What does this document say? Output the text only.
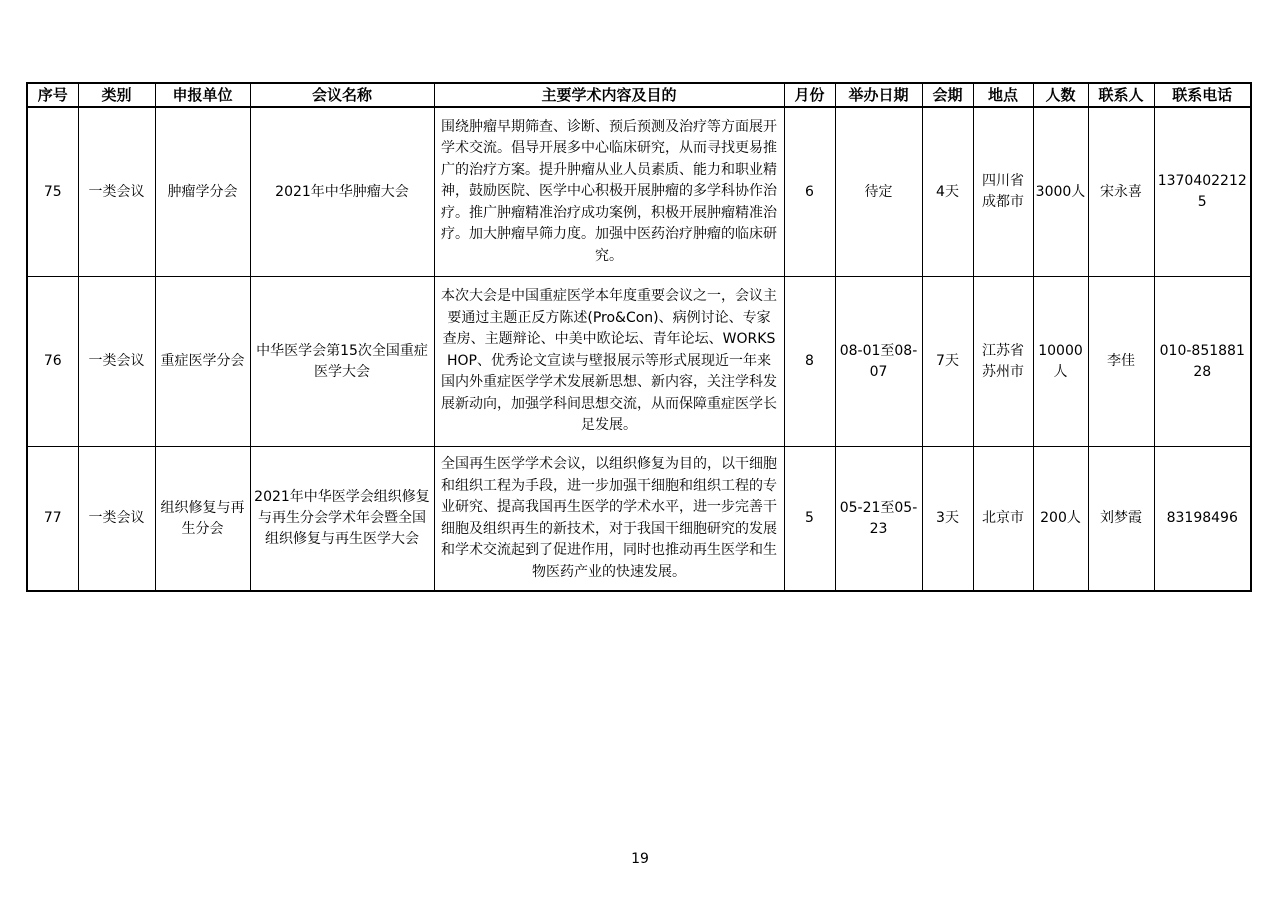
序号	类别	申报单位	会议名称	主要学术内容及目的	月份	举办日期	会期	地点	人数	联系人	联系电话
75	一类会议	肿瘤学分会	2021年中华肿瘤大会	围绕肿瘤早期筛查、诊断、预后预测及治疗等方面展开学术交流。倡导开展多中心临床研究，从而寻找更易推广的治疗方案。提升肿瘤从业人员素质、能力和职业精神，鼓励医院、医学中心积极开展肿瘤的多学科协作治疗。推广肿瘤精准治疗成功案例，积极开展肿瘤精准治疗。加大肿瘤早筛力度。加强中医药治疗肿瘤的临床研究。	6	待定	4天	四川省成都市	3000人	宋永喜	13704022125
76	一类会议	重症医学分会	中华医学会第15次全国重症医学大会	本次大会是中国重症医学本年度重要会议之一，会议主要通过主题正反方陈述(Pro&Con)、病例讨论、专家查房、主题辩论、中美中欧论坛、青年论坛、WORKSHOP、优秀论文宣读与壁报展示等形式展现近一年来国内外重症医学学术发展新思想、新内容，关注学科发展新动向，加强学科间思想交流，从而保障重症医学长足发展。	8	08-01至08-07	7天	江苏省苏州市	10000人	李佳	010-85188128
77	一类会议	组织修复与再生分会	2021年中华医学会组织修复与再生分会学术年会暨全国组织修复与再生医学大会	全国再生医学学术会议，以组织修复为目的，以干细胞和组织工程为手段，进一步加强干细胞和组织工程的专业研究、提高我国再生医学的学术水平，进一步完善干细胞及组织再生的新技术，对于我国干细胞研究的发展和学术交流起到了促进作用，同时也推动再生医学和生物医药产业的快速发展。	5	05-21至05-23	3天	北京市	200人	刘梦霞	83198496
19
